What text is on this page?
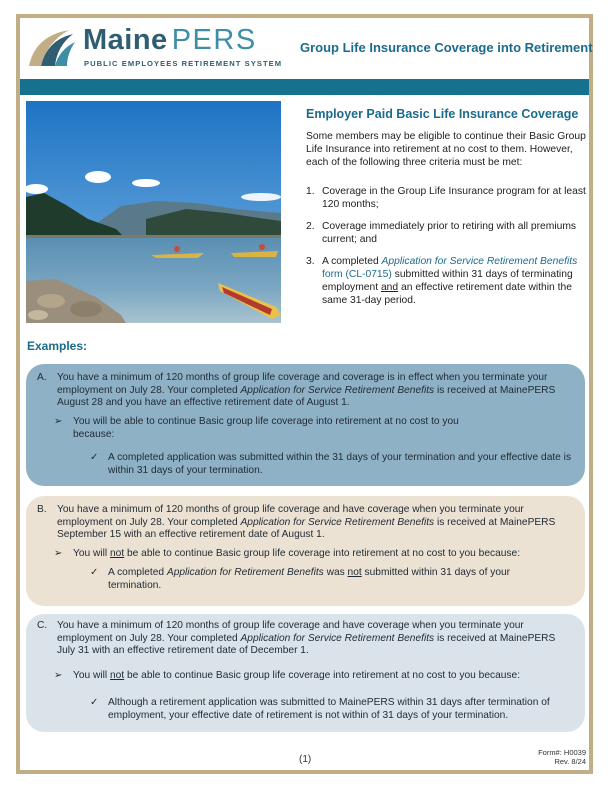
Maine PERS
PUBLIC EMPLOYEES RETIREMENT SYSTEM
Group Life Insurance Coverage into Retirement
Employer Paid Basic Life Insurance Coverage
Some members may be eligible to continue their Basic Group Life Insurance into retirement at no cost to them. However, each of the following three criteria must be met:
1. Coverage in the Group Life Insurance program for at least 120 months;
2. Coverage immediately prior to retiring with all premiums current; and
3. A completed Application for Service Retirement Benefits form (CL-0715) submitted within 31 days of terminating employment and an effective retirement date within the same 31-day period.
Examples:
A. You have a minimum of 120 months of group life coverage and coverage is in effect when you terminate your employment on July 28. Your completed Application for Service Retirement Benefits is received at MainePERS August 28 and you have an effective retirement date of August 1.
➢ You will be able to continue Basic group life coverage into retirement at no cost to you because:
✓ A completed application was submitted within the 31 days of your termination and your effective date is within 31 days of your termination.
B. You have a minimum of 120 months of group life coverage and have coverage when you terminate your employment on July 28. Your completed Application for Service Retirement Benefits is received at MainePERS September 15 with an effective retirement date of August 1.
➢ You will not be able to continue Basic group life coverage into retirement at no cost to you because:
✓ A completed Application for Retirement Benefits was not submitted within 31 days of your termination.
C. You have a minimum of 120 months of group life coverage and have coverage when you terminate your employment on July 28. Your completed Application for Service Retirement Benefits is received at MainePERS July 31 with an effective retirement date of December 1.
➢ You will not be able to continue Basic group life coverage into retirement at no cost to you because:
✓ Although a retirement application was submitted to MainePERS within 31 days after termination of employment, your effective date of retirement is not within of 31 days of your termination.
(1)
Form#: H0039
Rev. 8/24
